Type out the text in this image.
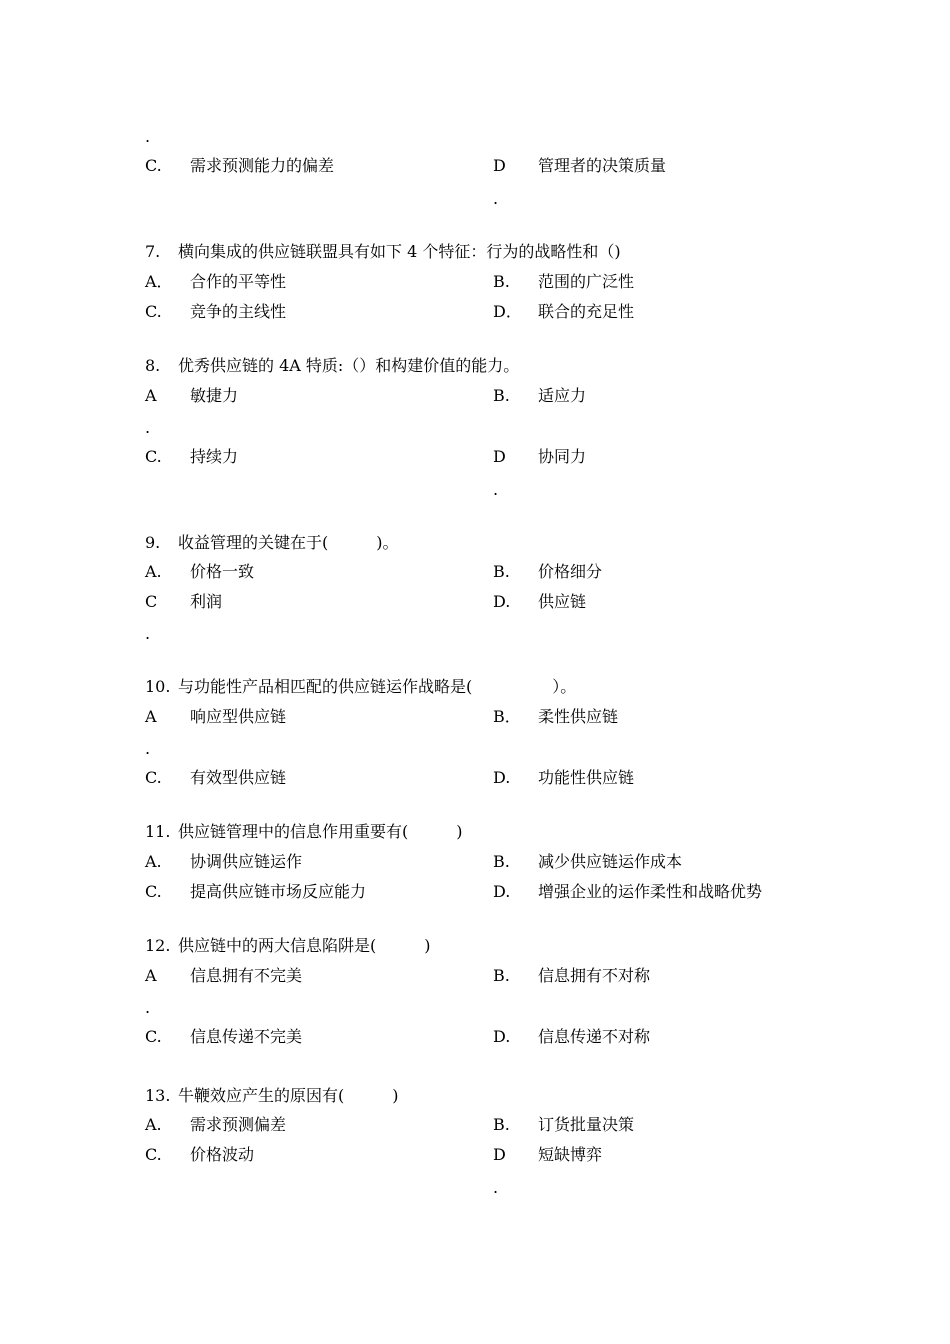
.
C. 需求预测能力的偏差	D 管理者的决策质量
.
7. 横向集成的供应链联盟具有如下 4 个特征：行为的战略性和（)
A． 合作的平等性	B. 范围的广泛性
C. 竞争的主线性	D． 联合的充足性
8. 优秀供应链的 4A 特质:（）和构建价值的能力。
A 敏捷力	B. 适应力
.
C. 持续力	D 协同力
.
9. 收益管理的关键在于(　　　)。
A. 价格一致	B. 价格细分
C 利润	D. 供应链
.
10. 与功能性产品相匹配的供应链运作战略是(　　　　　）。
A 响应型供应链	B． 柔性供应链
.
C. 有效型供应链	D. 功能性供应链
11. 供应链管理中的信息作用重要有(　　　)
A. 协调供应链运作	B. 减少供应链运作成本
C. 提高供应链市场反应能力	D. 增强企业的运作柔性和战略优势
12. 供应链中的两大信息陷阱是(　　　)
A 信息拥有不完美	B. 信息拥有不对称
.
C. 信息传递不完美	D. 信息传递不对称
13. 牛鞭效应产生的原因有(　　　)
A. 需求预测偏差	B. 订货批量决策
C. 价格波动	D 短缺博弈
.
